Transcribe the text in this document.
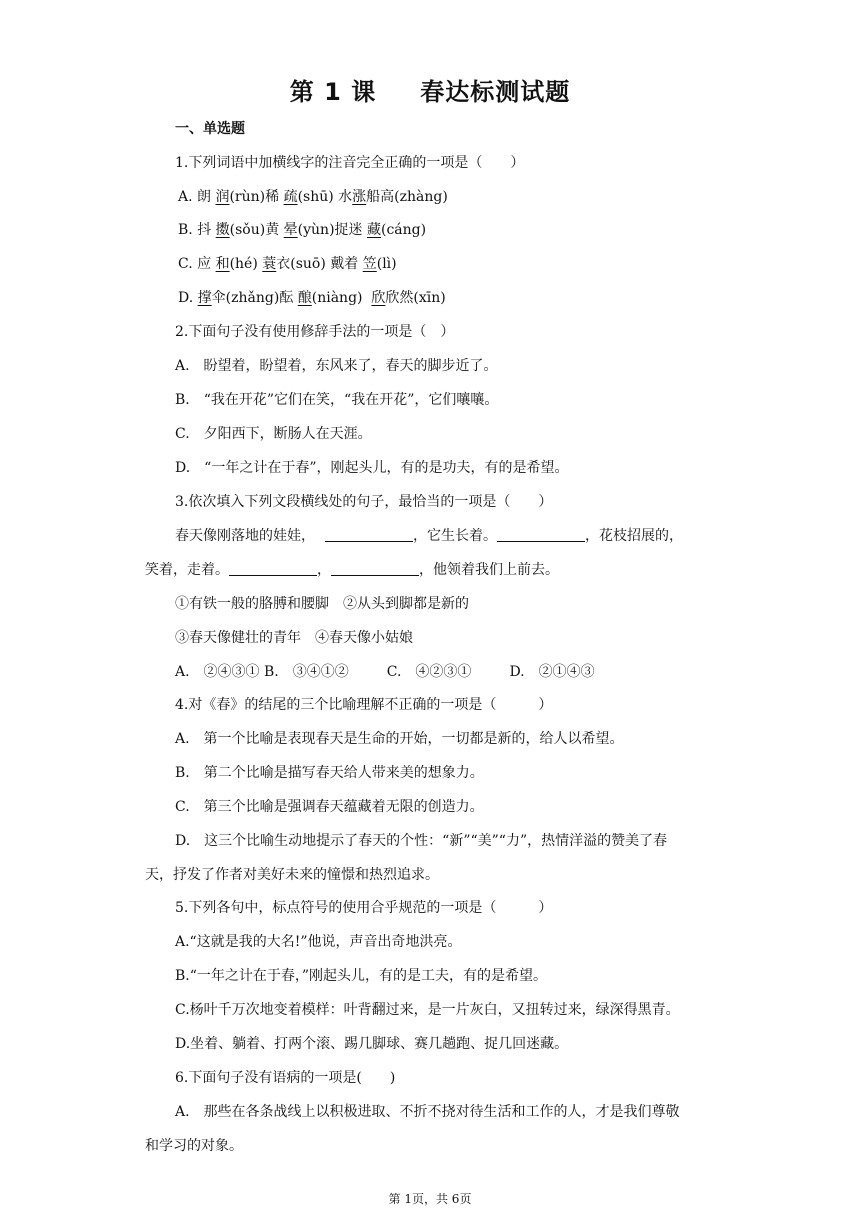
第 1 课 春达标测试题
一、单选题
1.下列词语中加横线字的注音完全正确的一项是（　　）
A. 朗 润(rùn)稀 疏(shū) 水涨船高(zhàng)
B. 抖 擞(sǒu)黄 晕(yùn)捉迷 藏(cáng)
C. 应 和(hé) 蓑衣(suō) 戴着 笠(lì)
D. 撑伞(zhǎng)酝 酿(niàng) 欣欣然(xīn)
2.下面句子没有使用修辞手法的一项是（　）
A.　盼望着，盼望着，东风来了，春天的脚步近了。
B.　“我在开花”它们在笑，“我在开花”，它们嚷嚷。
C.　夕阳西下，断肠人在天涯。
D.　“一年之计在于春”，刚起头儿，有的是功夫，有的是希望。
3.依次填入下列文段横线处的句子，最恰当的一项是（　　）
春天像刚落地的娃娃，	，它生长着。	，花枝招展的，
笑着，走着。	，	，他领着我们上前去。
①有铁一般的胳膊和腰脚　②从头到脚都是新的
③春天像健壮的青年　④春天像小姑娘
A.　②④③① B.　③④①②	C.　④②③①	D.　②①④③
4.对《春》的结尾的三个比喻理解不正确的一项是（　　　）
A.　第一个比喻是表现春天是生命的开始，一切都是新的，给人以希望。
B.　第二个比喻是描写春天给人带来美的想象力。
C.　第三个比喻是强调春天蕴藏着无限的创造力。
D.　这三个比喻生动地提示了春天的个性：“新”“美”“力”，热情洋溢的赞美了春
天，抒发了作者对美好未来的憧憬和热烈追求。
5.下列各句中，标点符号的使用合乎规范的一项是（　　　）
A.“这就是我的大名!”他说，声音出奇地洪亮。
B.“一年之计在于春，”刚起头儿，有的是工夫，有的是希望。
C.杨叶千万次地变着模样：叶背翻过来，是一片灰白，又扭转过来，绿深得黑青。
D.坐着、躺着、打两个滚、踢几脚球、赛几趟跑、捉几回迷藏。
6.下面句子没有语病的一项是(　　)
A.　那些在各条战线上以积极进取、不折不挠对待生活和工作的人，才是我们尊敬
和学习的对象。
第 1页，共 6页
